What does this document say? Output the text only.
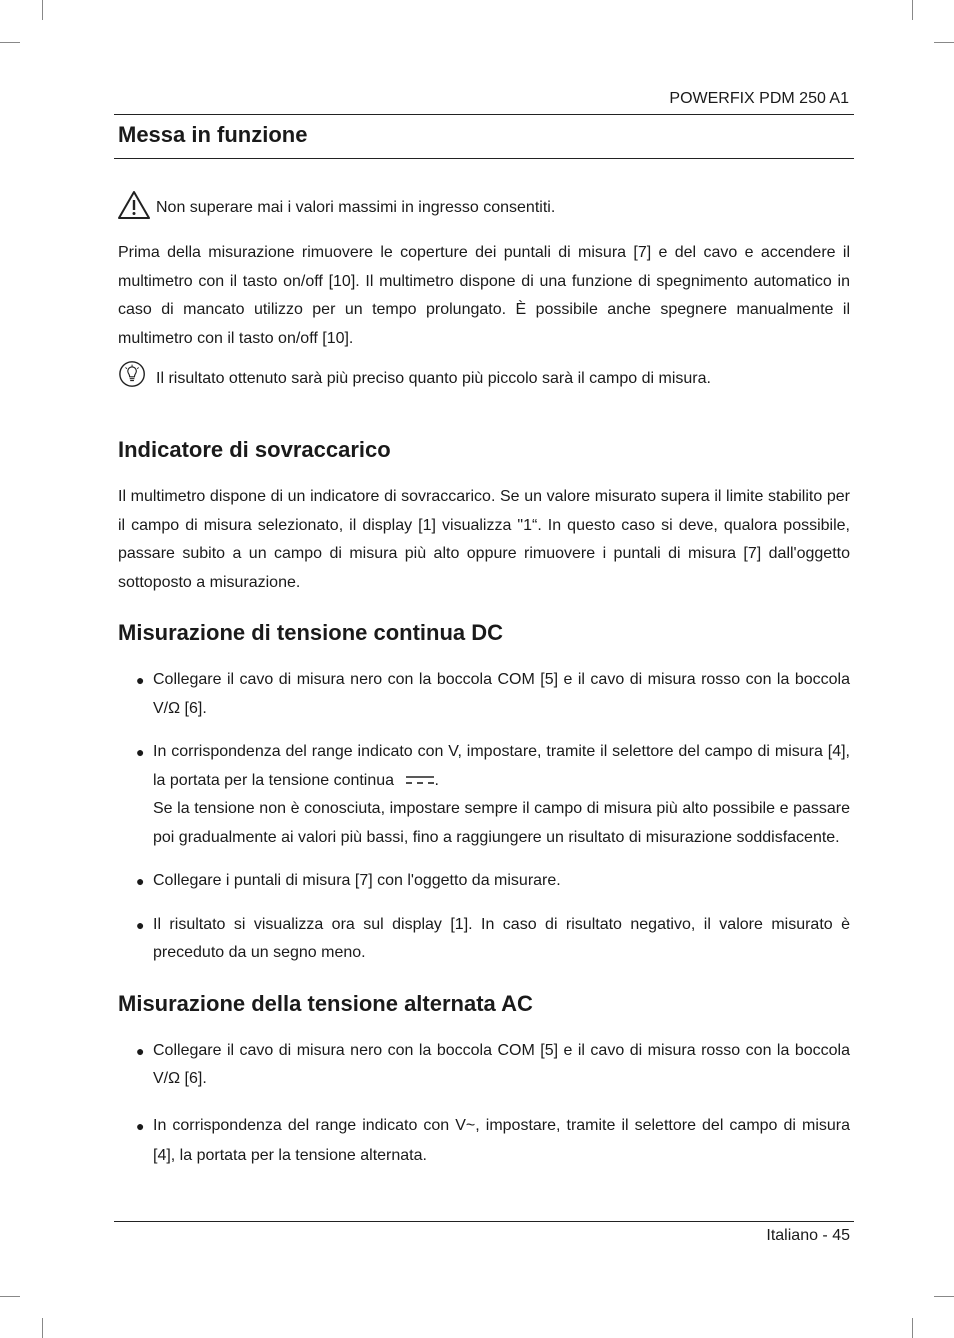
POWERFIX PDM 250 A1
Messa in funzione
Non superare mai i valori massimi in ingresso consentiti.

Prima della misurazione rimuovere le coperture dei puntali di misura [7] e del cavo e accendere il multimetro con il tasto on/off [10]. Il multimetro dispone di una funzione di spegnimento automatico in caso di mancato utilizzo per un tempo prolungato. È possibile anche spegnere manualmente il multimetro con il tasto on/off [10].

Il risultato ottenuto sarà più preciso quanto più piccolo sarà il campo di misura.
Indicatore di sovraccarico

Il multimetro dispone di un indicatore di sovraccarico. Se un valore misurato supera il limite stabilito per il campo di misura selezionato, il display [1] visualizza "1“. In questo caso si deve, qualora possibile, passare subito a un campo di misura più alto oppure rimuovere i puntali di misura [7] dall'oggetto sottoposto a misurazione.

Misurazione di tensione continua DC
● Collegare il cavo di misura nero con la boccola COM [5] e il cavo di misura rosso con la boccola V/Ω [6].
● In corrispondenza del range indicato con V, impostare, tramite il selettore del campo di misura [4], la portata per la tensione continua	.
Se la tensione non è conosciuta, impostare sempre il campo di misura più alto possibile e passare poi gradualmente ai valori più bassi, fino a raggiungere un risultato di misurazione soddisfacente.
● Collegare i puntali di misura [7] con l'oggetto da misurare.
● Il risultato si visualizza ora sul display [1]. In caso di risultato negativo, il valore misurato è preceduto da un segno meno.
Misurazione della tensione alternata AC
● Collegare il cavo di misura nero con la boccola COM [5] e il cavo di misura rosso con la boccola V/Ω [6].
● In corrispondenza del range indicato con V~, impostare, tramite il selettore del campo di misura [4], la portata per la tensione alternata.
Italiano - 45
